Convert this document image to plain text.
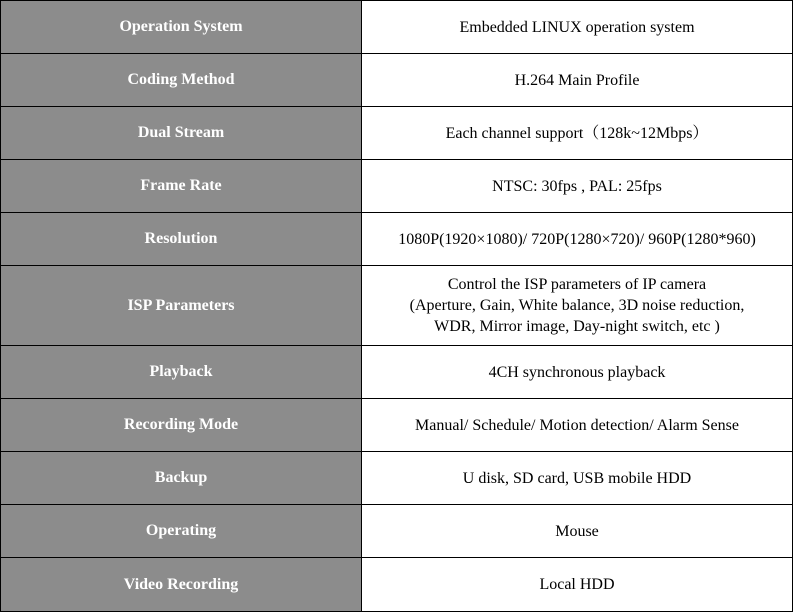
Operation System	Embedded LINUX operation system
Coding Method	H.264 Main Profile
Dual Stream	Each channel support（128k~12Mbps）
Frame Rate	NTSC: 30fps , PAL: 25fps
Resolution	1080P(1920×1080)/ 720P(1280×720)/ 960P(1280*960)
ISP Parameters	Control the ISP parameters of IP camera
(Aperture, Gain, White balance, 3D noise reduction,
WDR, Mirror image, Day-night switch, etc )

Playback	4CH synchronous playback
Recording Mode	Manual/ Schedule/ Motion detection/ Alarm Sense
Backup	U disk, SD card, USB mobile HDD
Operating	Mouse
Video Recording	Local HDD
